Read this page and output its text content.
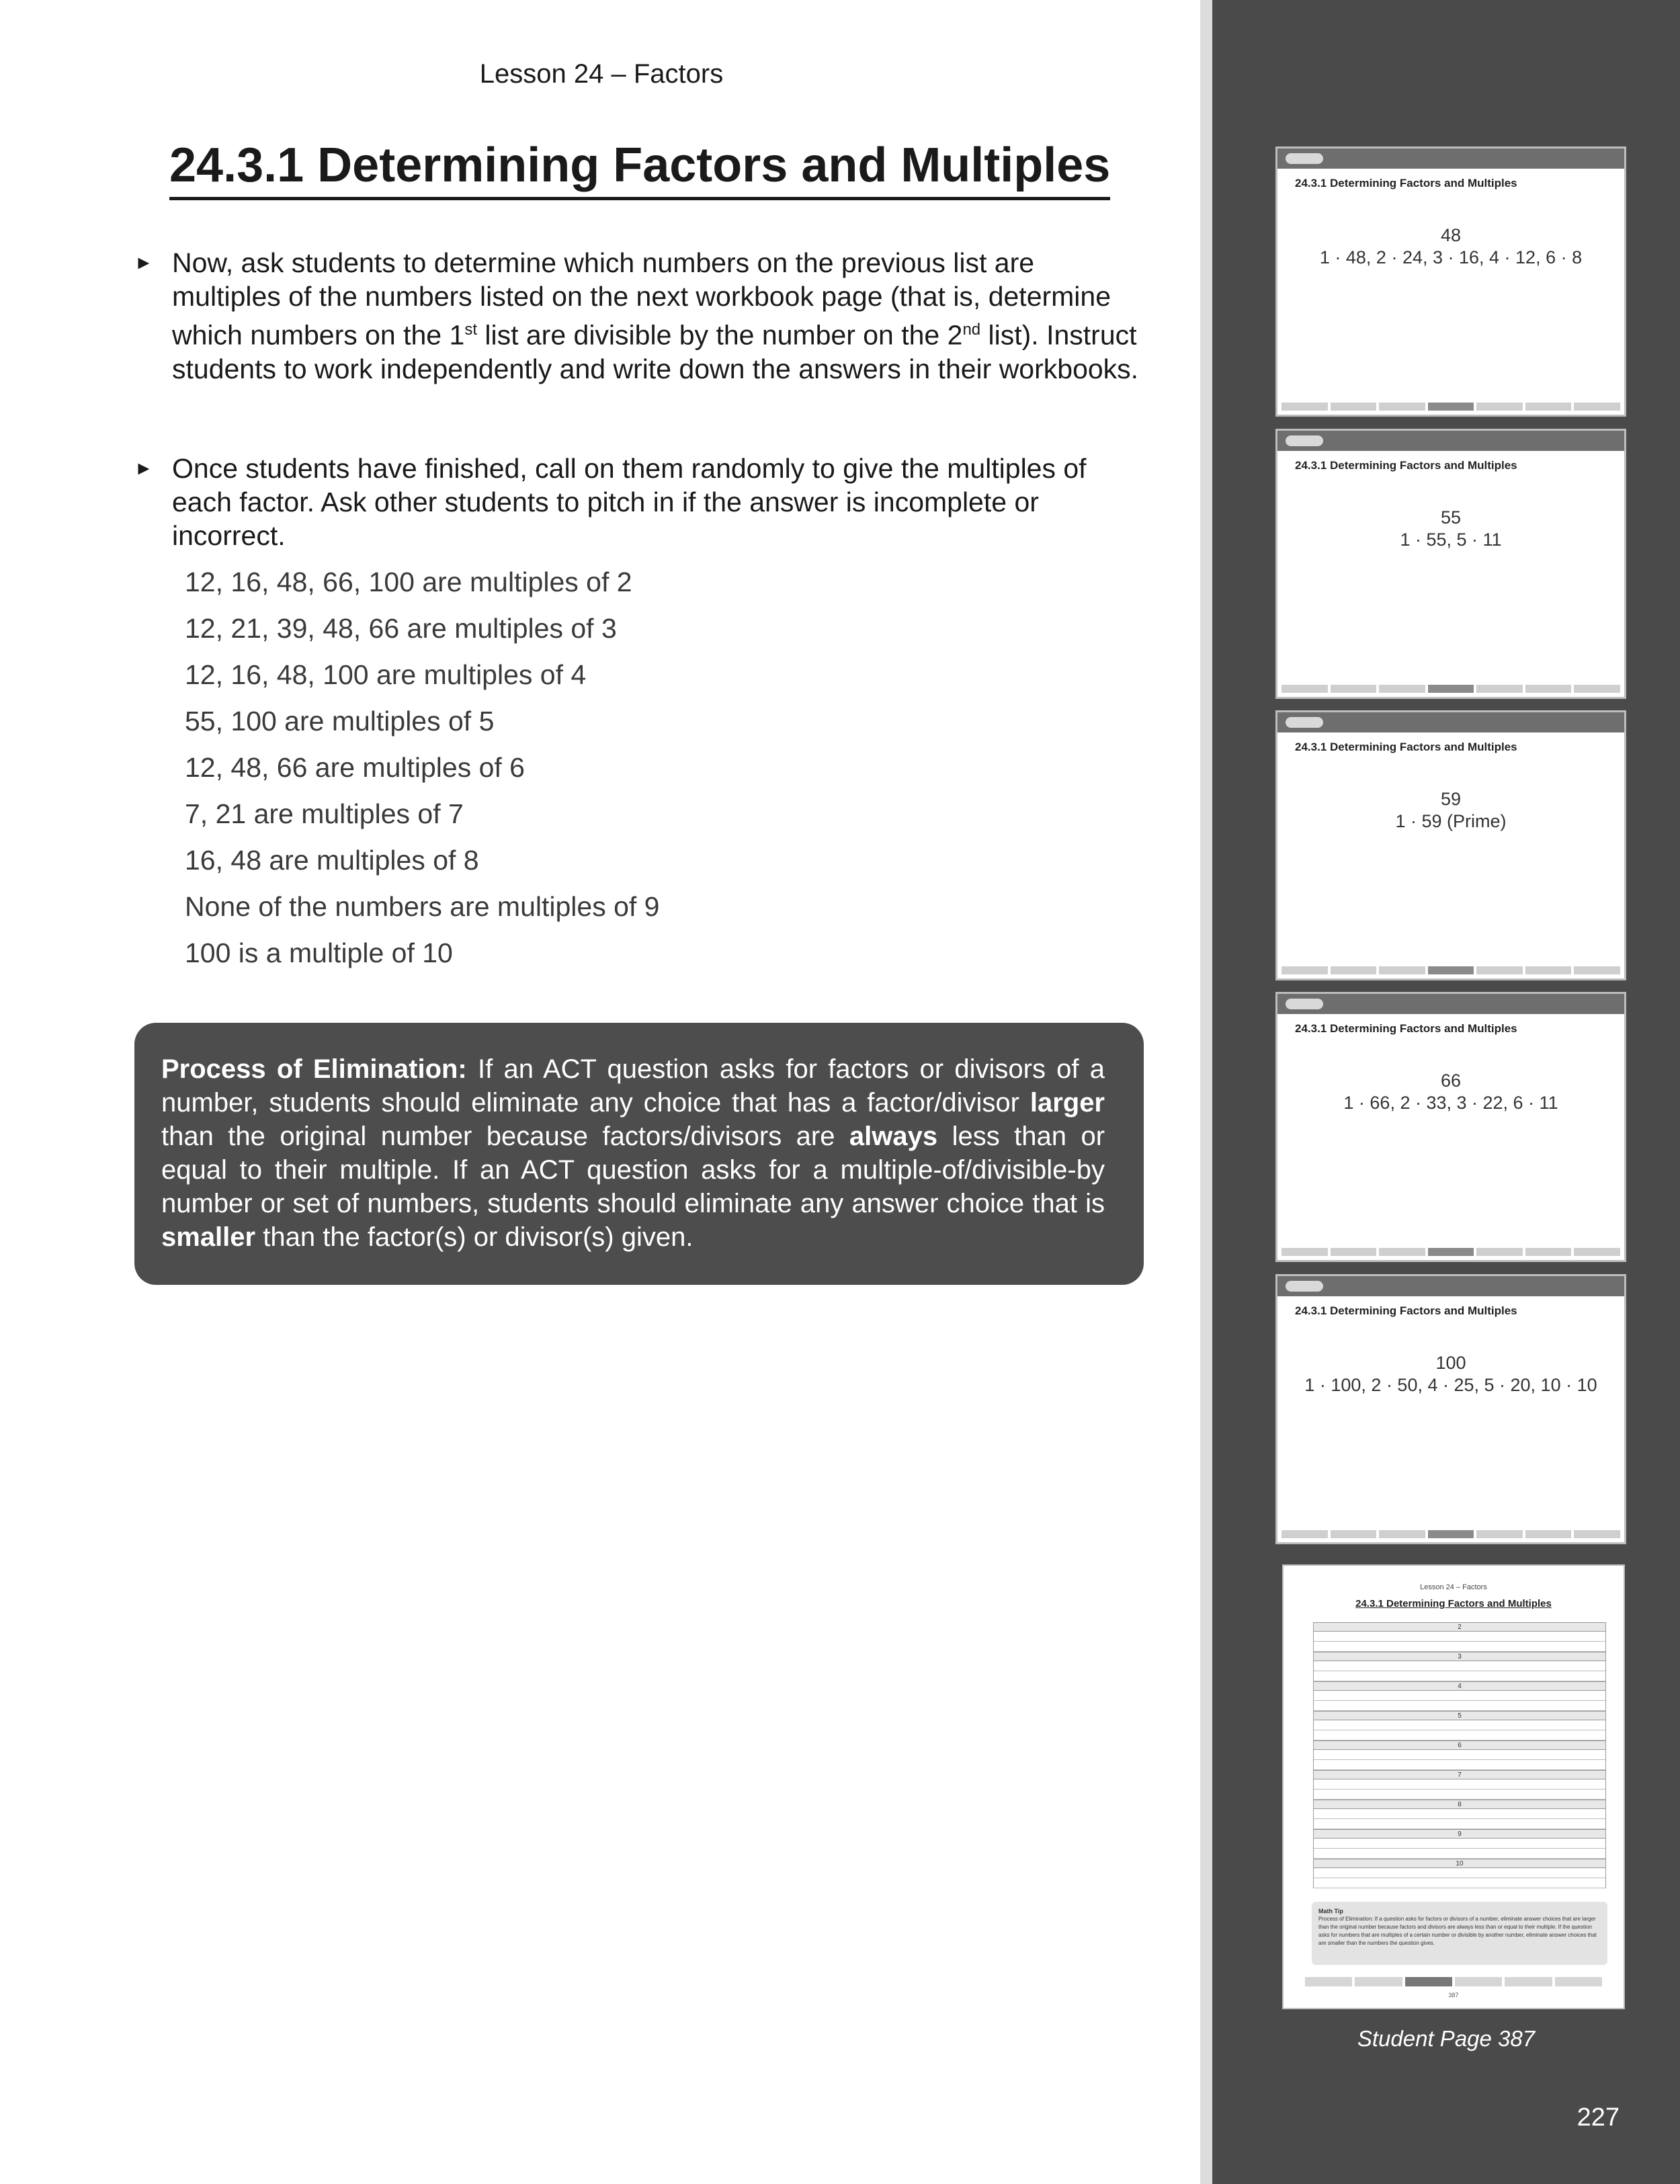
Lesson 24 – Factors
24.3.1 Determining Factors and Multiples
► Now, ask students to determine which numbers on the previous list are multiples of the numbers listed on the next workbook page (that is, determine which numbers on the 1st list are divisible by the number on the 2nd list). Instruct students to work independently and write down the answers in their workbooks.
► Once students have finished, call on them randomly to give the multiples of each factor. Ask other students to pitch in if the answer is incomplete or incorrect.
12, 16, 48, 66, 100 are multiples of 2
12, 21, 39, 48, 66 are multiples of 3
12, 16, 48, 100 are multiples of 4
55, 100 are multiples of 5
12, 48, 66 are multiples of 6
7, 21 are multiples of 7
16, 48 are multiples of 8
None of the numbers are multiples of 9
100 is a multiple of 10
Process of Elimination: If an ACT question asks for factors or divisors of a number, students should eliminate any choice that has a factor/divisor larger than the original number because factors/divisors are always less than or equal to their multiple. If an ACT question asks for a multiple-of/divisible-by number or set of numbers, students should eliminate any answer choice that is smaller than the factor(s) or divisor(s) given.
24.3.1 Determining Factors and Multiples
48
1 · 48, 2 · 24, 3 · 16, 4 · 12, 6 · 8
24.3.1 Determining Factors and Multiples
55
1 · 55, 5 · 11
24.3.1 Determining Factors and Multiples
59
1 · 59 (Prime)
24.3.1 Determining Factors and Multiples
66
1 · 66, 2 · 33, 3 · 22, 6 · 11
24.3.1 Determining Factors and Multiples
100
1 · 100, 2 · 50, 4 · 25, 5 · 20, 10 · 10
Lesson 24 – Factors
24.3.1 Determining Factors and Multiples
2
3
4
5
6
7
8
9
10
Math Tip
Process of Elimination: If a question asks for factors or divisors of a number, eliminate answer choices that are larger than the original number because factors and divisors are always less than or equal to their multiple. If the question asks for numbers that are multiples of a certain number or divisible by another number, eliminate answer choices that are smaller than the numbers the question gives.
387
Student Page 387
227
